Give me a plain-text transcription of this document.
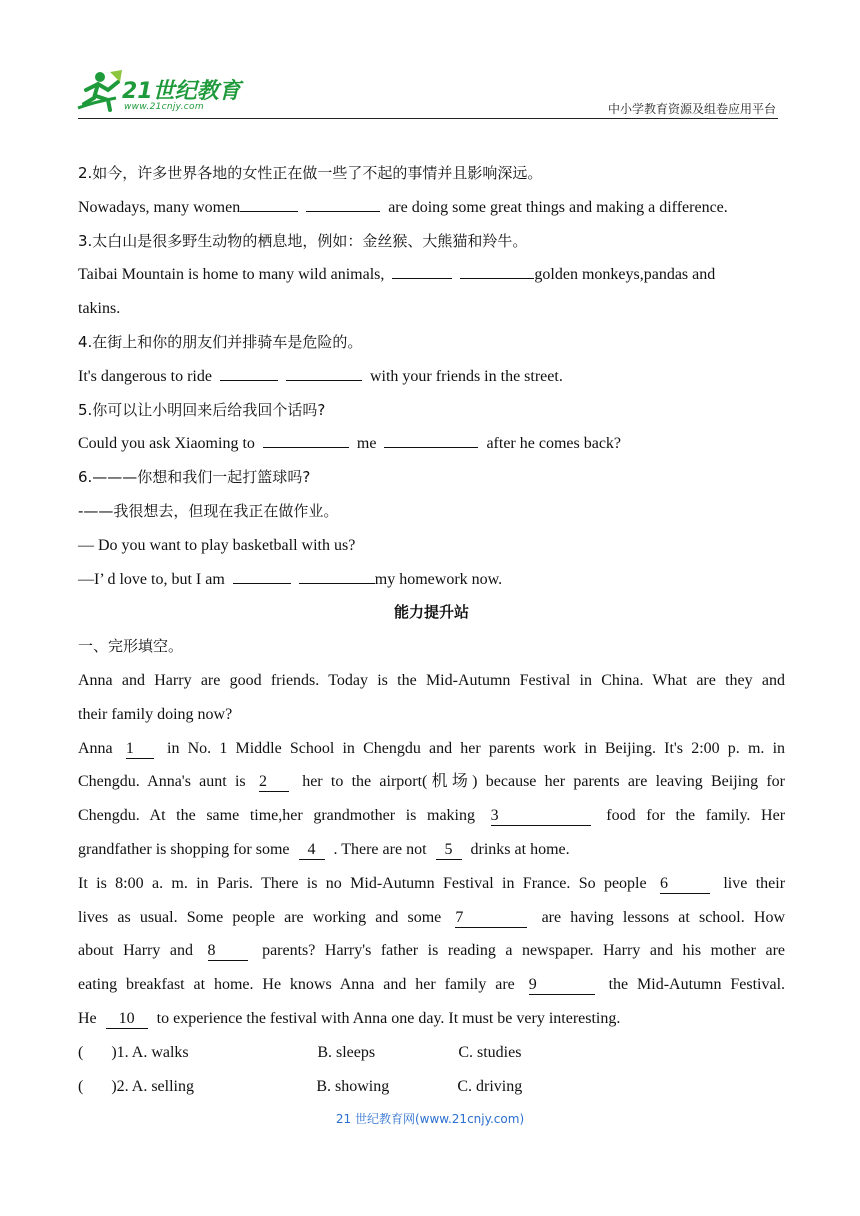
21世纪教育
www.21cnjy.com	中小学教育资源及组卷应用平台
2.如今，许多世界各地的女性正在做一些了不起的事情并且影响深远。
Nowadays, many women	are doing some great things and making a difference.
3.太白山是很多野生动物的栖息地，例如：金丝猴、大熊猫和羚牛。
Taibai Mountain is home to many wild animals,	golden monkeys,pandas and
takins.
4.在街上和你的朋友们并排骑车是危险的。
It's dangerous to ride	with your friends in the street.
5.你可以让小明回来后给我回个话吗?
Could you ask Xiaoming to	me	after he comes back?
6.———你想和我们一起打篮球吗?
-——我很想去，但现在我正在做作业。
— Do you want to play basketball with us?
—I’ d love to, but I am	my homework now.
能力提升站
一、完形填空。
Anna and Harry are good friends. Today is the Mid-Autumn Festival in China. What are they and
their family doing now?
Anna 1 in No. 1 Middle School in Chengdu and her parents work in Beijing. It's 2:00 p. m. in
Chengdu. Anna's aunt is 2 her to the airport(机场) because her parents are leaving Beijing for
Chengdu. At the same time,her grandmother is making 3	food for the family. Her
grandfather is shopping for some 4 . There are not 5 drinks at home.
It is 8:00 a. m. in Paris. There is no Mid-Autumn Festival in France. So people 6	live their
lives as usual. Some people are working and some 7	are having lessons at school. How
about Harry and 8	parents? Harry's father is reading a newspaper. Harry and his mother are
eating breakfast at home. He knows Anna and her family are 9	the Mid-Autumn Festival.
He 10 to experience the festival with Anna one day. It must be very interesting.
( )1. A. walks	B. sleeps	C. studies
( )2. A. selling	B. showing	C. driving
21 世纪教育网(www.21cnjy.com)
